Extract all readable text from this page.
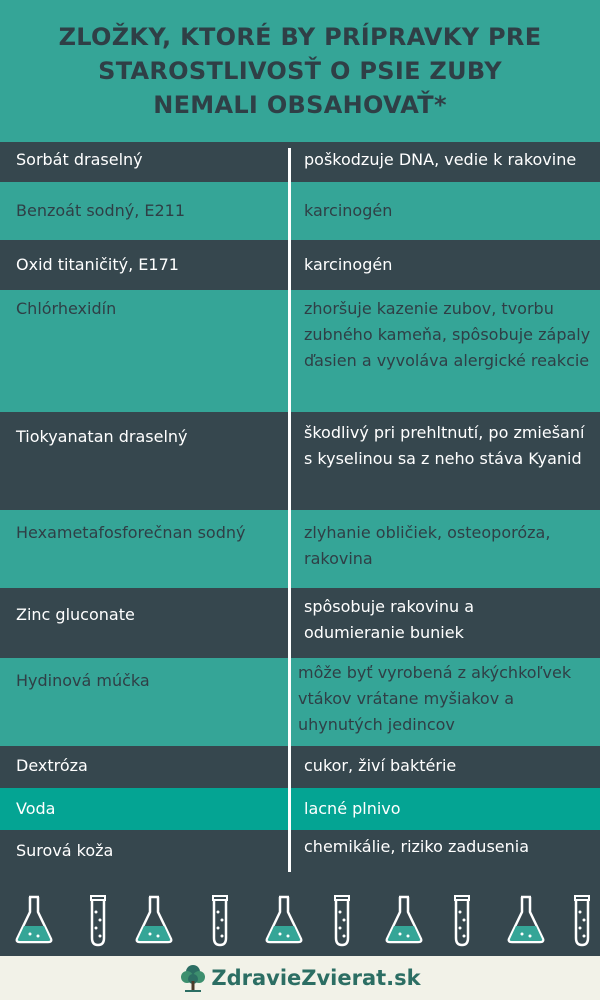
ZLOŽKY, KTORÉ BY PRÍPRAVKY PRE
STAROSTLIVOSŤ O PSIE ZUBY
NEMALI OBSAHOVAŤ*
Sorbát draselný	poškodzuje DNA, vedie k rakovine
Benzoát sodný, E211	karcinogén
Oxid titaničitý, E171	karcinogén
Chlórhexidín	zhoršuje kazenie zubov, tvorbu zubného kameňa, spôsobuje zápaly ďasien a vyvoláva alergické reakcie
Tiokyanatan draselný	škodlivý pri prehltnutí, po zmiešaní s kyselinou sa z neho stáva Kyanid
Hexametafosforečnan sodný	zlyhanie obličiek, osteoporóza, rakovina
Zinc gluconate	spôsobuje rakovinu a odumieranie buniek
Hydinová múčka	môže byť vyrobená z akýchkoľvek vtákov vrátane myšiakov a uhynutých jedincov
Dextróza	cukor, živí baktérie
Voda	lacné plnivo
Surová koža	chemikálie, riziko zadusenia
ZdravieZvierat.sk
